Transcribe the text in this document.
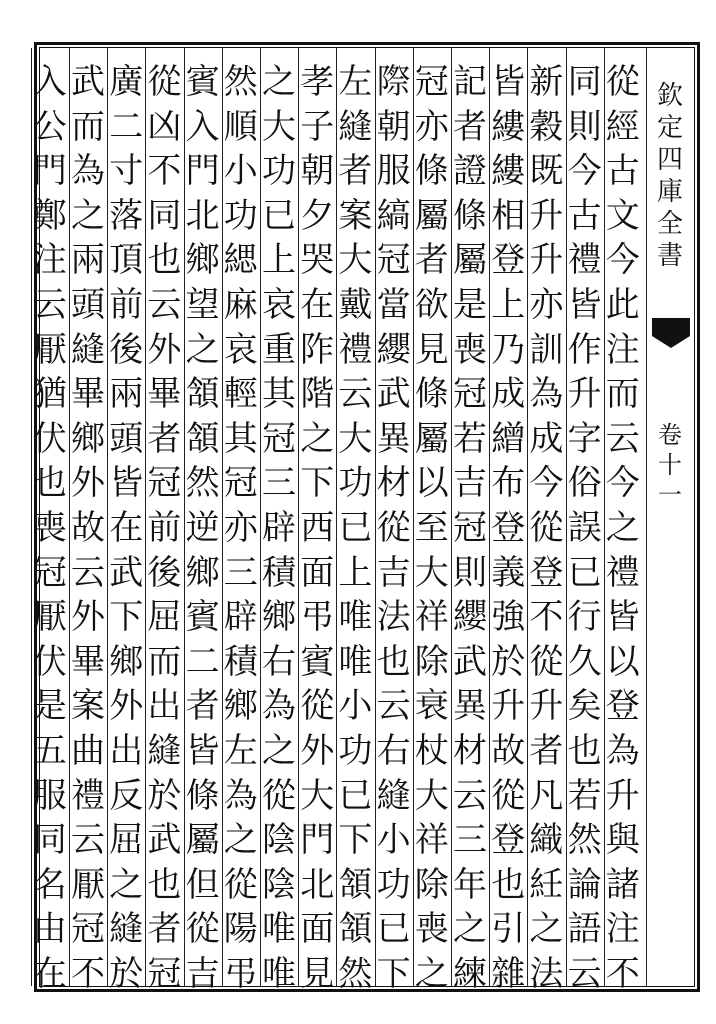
欽
定
四
庫
全
書
卷
十
一
從
經
古
文
今
此
注
而
云
今
之
禮
皆
以
登
為
升
與
諸
注
不
同
則
今
古
禮
皆
作
升
字
俗
誤
已
行
久
矣
也
若
然
論
語
云
新
穀
既
升
升
亦
訓
為
成
今
從
登
不
從
升
者
凡
織
紝
之
法
皆
縷
縷
相
登
上
乃
成
繒
布
登
義
強
於
升
故
從
登
也
引
雜
記
者
證
條
屬
是
喪
冠
若
吉
冠
則
纓
武
異
材
云
三
年
之
練
冠
亦
條
屬
者
欲
見
條
屬
以
至
大
祥
除
衰
杖
大
祥
除
喪
之
際
朝
服
縞
冠
當
纓
武
異
材
從
吉
法
也
云
右
縫
小
功
已
下
左
縫
者
案
大
戴
禮
云
大
功
已
上
唯
唯
小
功
已
下
頷
頷
然
孝
子
朝
夕
哭
在
阼
階
之
下
西
面
弔
賓
從
外
大
門
北
面
見
之
大
功
已
上
哀
重
其
冠
三
辟
積
鄉
右
為
之
從
陰
陰
唯
唯
然
順
小
功
緦
麻
哀
輕
其
冠
亦
三
辟
積
鄉
左
為
之
從
陽
弔
賓
入
門
北
鄉
望
之
頷
頷
然
逆
鄉
賓
二
者
皆
條
屬
但
從
吉
從
凶
不
同
也
云
外
畢
者
冠
前
後
屈
而
出
縫
於
武
也
者
冠
廣
二
寸
落
頂
前
後
兩
頭
皆
在
武
下
鄉
外
出
反
屈
之
縫
於
武
而
為
之
兩
頭
縫
畢
鄉
外
故
云
外
畢
案
曲
禮
云
厭
冠
不
入
公
門
鄭
注
云
厭
猶
伏
也
喪
冠
厭
伏
是
五
服
同
名
由
在
